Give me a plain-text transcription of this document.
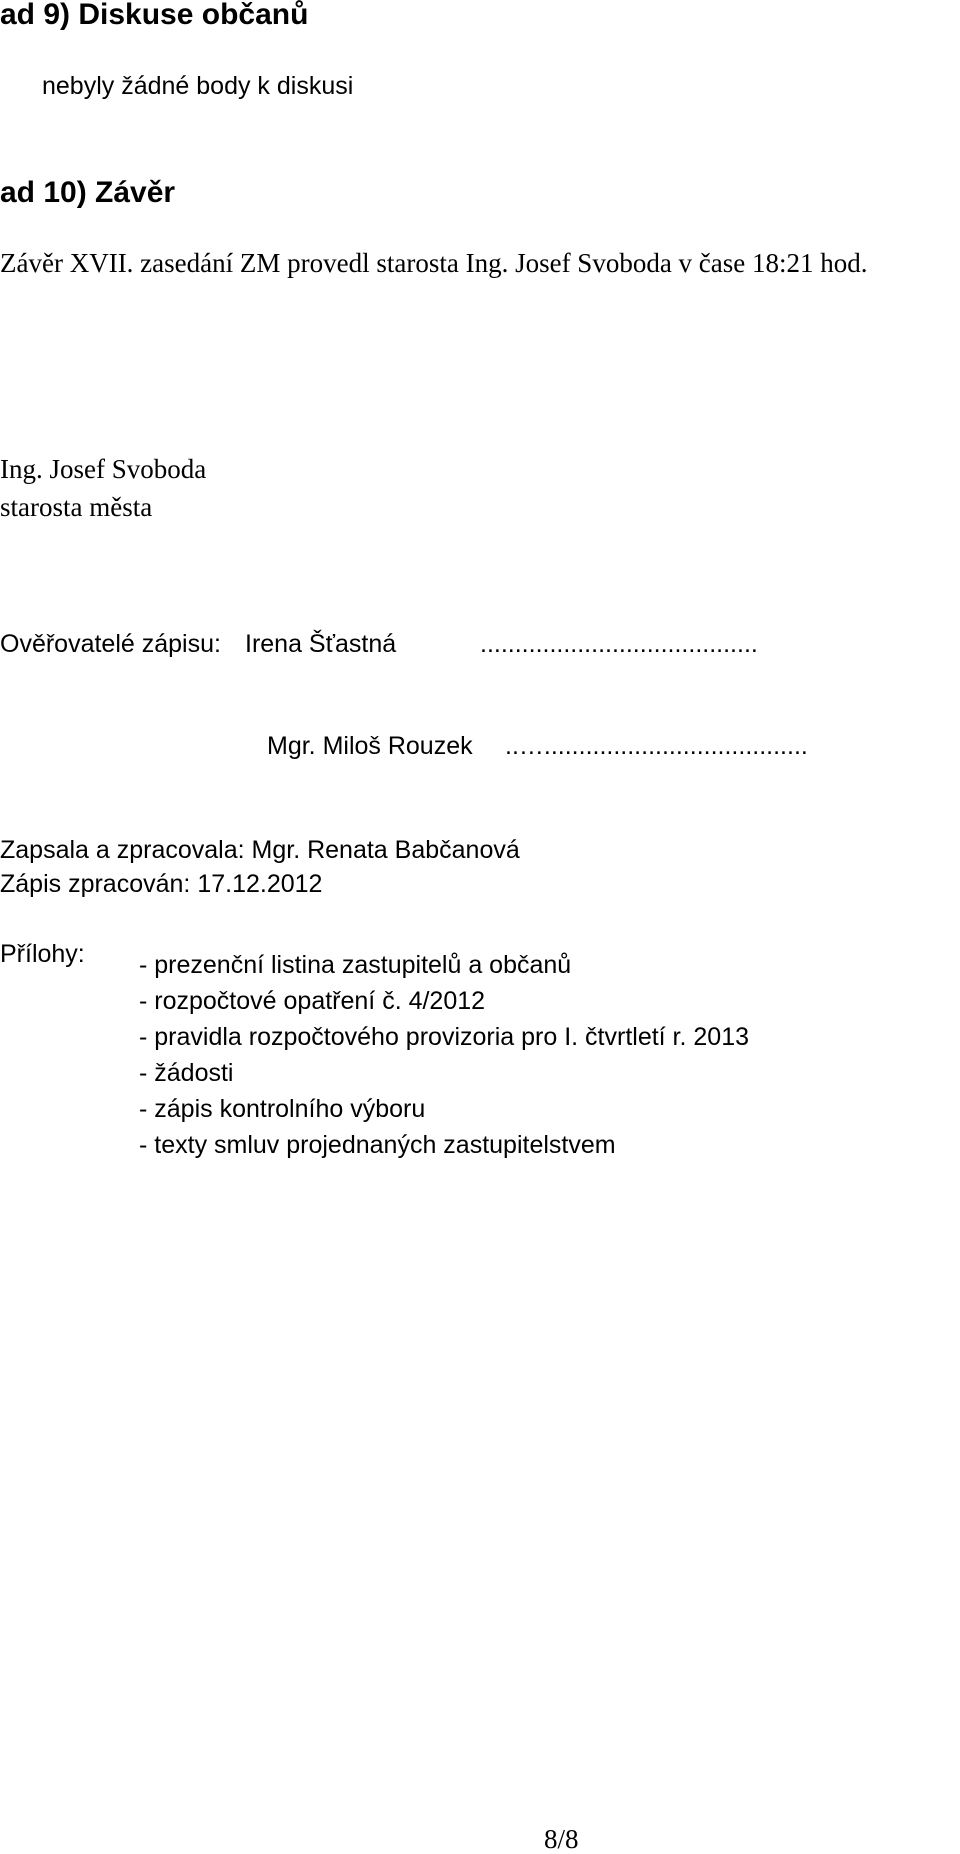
ad 9) Diskuse občanů
nebyly žádné body k diskusi
ad 10) Závěr
Závěr XVII. zasedání ZM provedl starosta Ing. Josef Svoboda v čase 18:21 hod.
Ing. Josef Svoboda
starosta města
Ověřovatelé zápisu: Irena Šťastná	........................................
Mgr. Miloš Rouzek ..…......................................
Zapsala a zpracovala: Mgr. Renata Babčanová
Zápis zpracován: 17.12.2012
Přílohy: - prezenční listina zastupitelů a občanů
- rozpočtové opatření č. 4/2012
- pravidla rozpočtového provizoria pro I. čtvrtletí r. 2013
- žádosti
- zápis kontrolního výboru
- texty smluv projednaných zastupitelstvem
8/8
